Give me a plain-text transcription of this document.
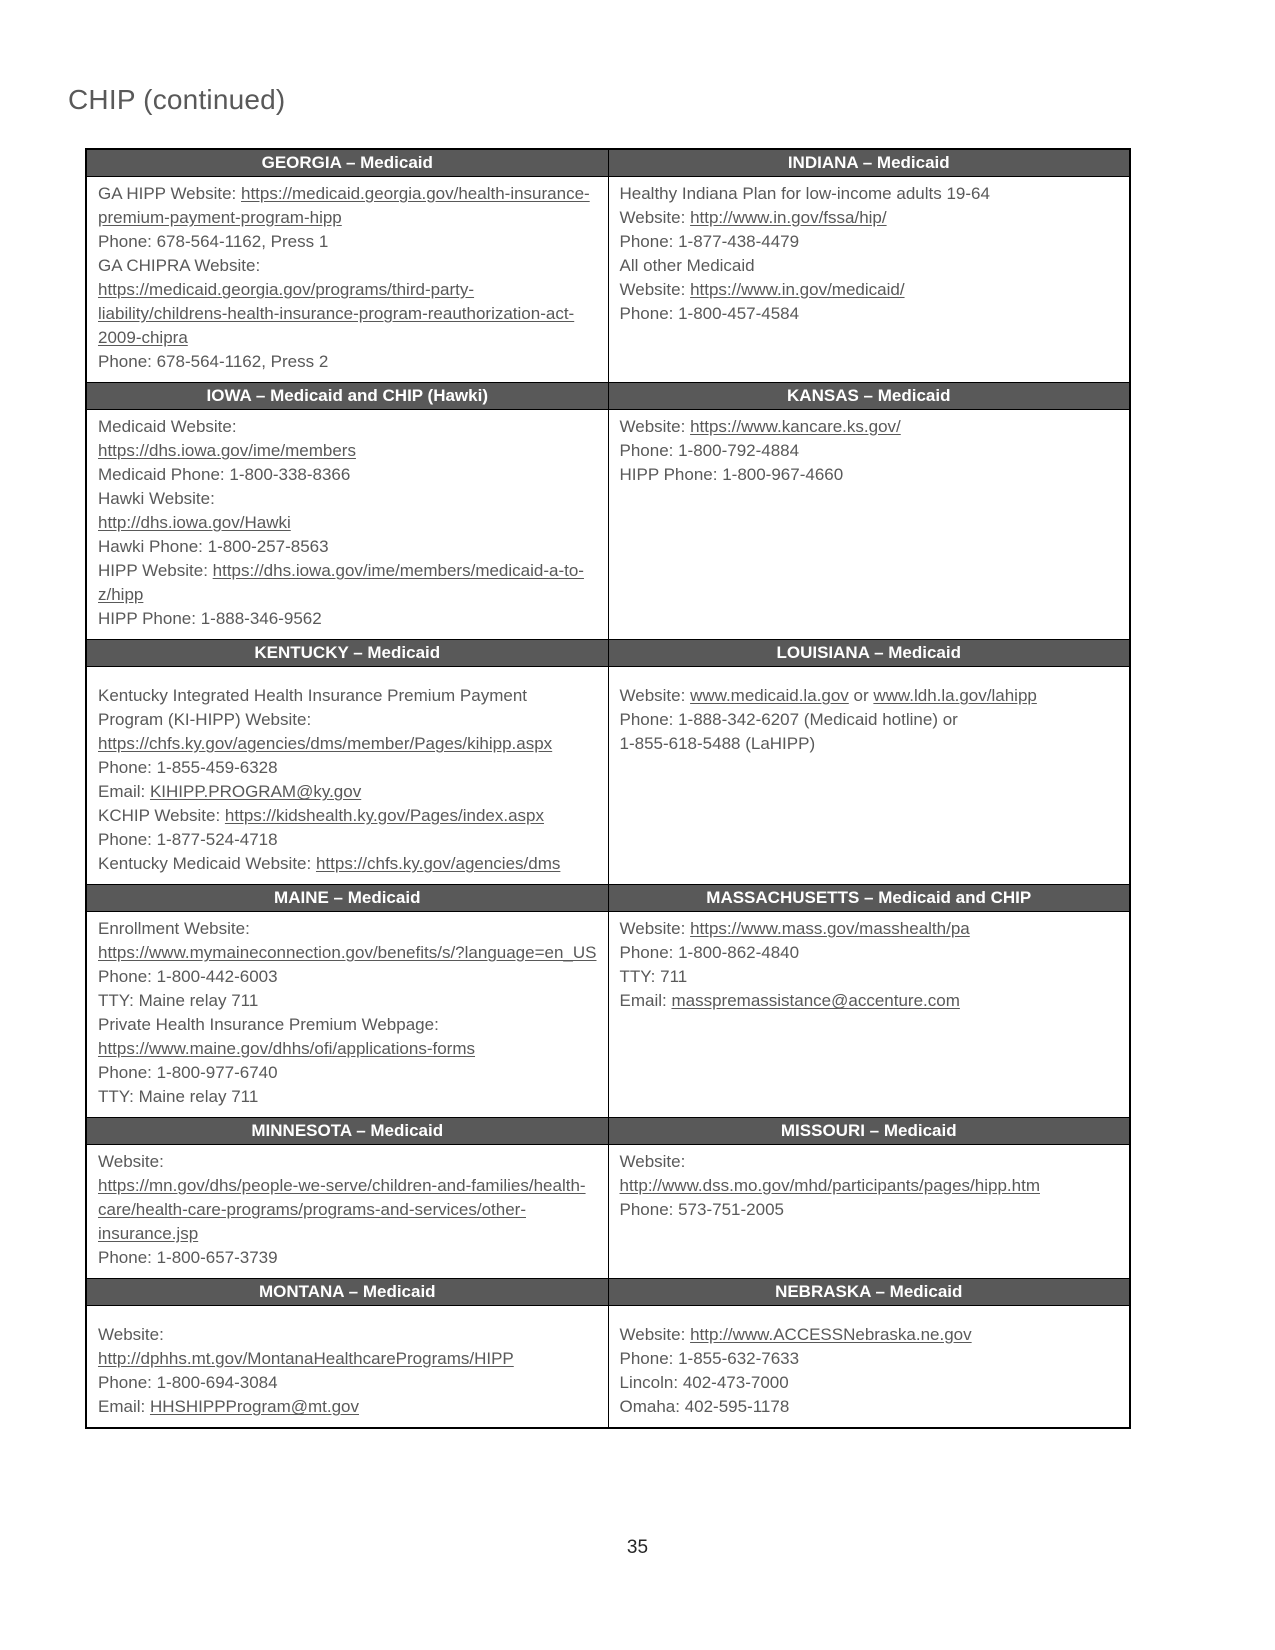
CHIP (continued)
GEORGIA – Medicaid	INDIANA – Medicaid

GA HIPP Website: https://medicaid.georgia.gov/health-insurance-premium-payment-program-hipp
Phone: 678-564-1162, Press 1
GA CHIPRA Website:
https://medicaid.georgia.gov/programs/third-party-liability/childrens-health-insurance-program-reauthorization-act-2009-chipra
Phone: 678-564-1162, Press 2

Healthy Indiana Plan for low-income adults 19-64
Website: http://www.in.gov/fssa/hip/
Phone: 1-877-438-4479
All other Medicaid
Website: https://www.in.gov/medicaid/
Phone: 1-800-457-4584

IOWA – Medicaid and CHIP (Hawki)	KANSAS – Medicaid

Medicaid Website:
https://dhs.iowa.gov/ime/members
Medicaid Phone: 1-800-338-8366
Hawki Website:
http://dhs.iowa.gov/Hawki
Hawki Phone: 1-800-257-8563
HIPP Website: https://dhs.iowa.gov/ime/members/medicaid-a-to-z/hipp
HIPP Phone: 1-888-346-9562

Website: https://www.kancare.ks.gov/
Phone: 1-800-792-4884
HIPP Phone: 1-800-967-4660

KENTUCKY – Medicaid	LOUISIANA – Medicaid

Kentucky Integrated Health Insurance Premium Payment Program (KI-HIPP) Website:
https://chfs.ky.gov/agencies/dms/member/Pages/kihipp.aspx
Phone: 1-855-459-6328
Email: KIHIPP.PROGRAM@ky.gov
KCHIP Website: https://kidshealth.ky.gov/Pages/index.aspx
Phone: 1-877-524-4718
Kentucky Medicaid Website: https://chfs.ky.gov/agencies/dms

Website: www.medicaid.la.gov or www.ldh.la.gov/lahipp
Phone: 1-888-342-6207 (Medicaid hotline) or
1-855-618-5488 (LaHIPP)

MAINE – Medicaid	MASSACHUSETTS – Medicaid and CHIP

Enrollment Website:
https://www.mymaineconnection.gov/benefits/s/?language=en_US
Phone: 1-800-442-6003
TTY: Maine relay 711
Private Health Insurance Premium Webpage:
https://www.maine.gov/dhhs/ofi/applications-forms
Phone: 1-800-977-6740
TTY: Maine relay 711

Website: https://www.mass.gov/masshealth/pa
Phone: 1-800-862-4840
TTY: 711
Email: masspremassistance@accenture.com

MINNESOTA – Medicaid	MISSOURI – Medicaid

Website:
https://mn.gov/dhs/people-we-serve/children-and-families/health-care/health-care-programs/programs-and-services/other-insurance.jsp
Phone: 1-800-657-3739

Website:
http://www.dss.mo.gov/mhd/participants/pages/hipp.htm
Phone: 573-751-2005

MONTANA – Medicaid	NEBRASKA – Medicaid

Website:
http://dphhs.mt.gov/MontanaHealthcarePrograms/HIPP
Phone: 1-800-694-3084
Email: HHSHIPPProgram@mt.gov

Website: http://www.ACCESSNebraska.ne.gov
Phone: 1-855-632-7633
Lincoln: 402-473-7000
Omaha: 402-595-1178
35
